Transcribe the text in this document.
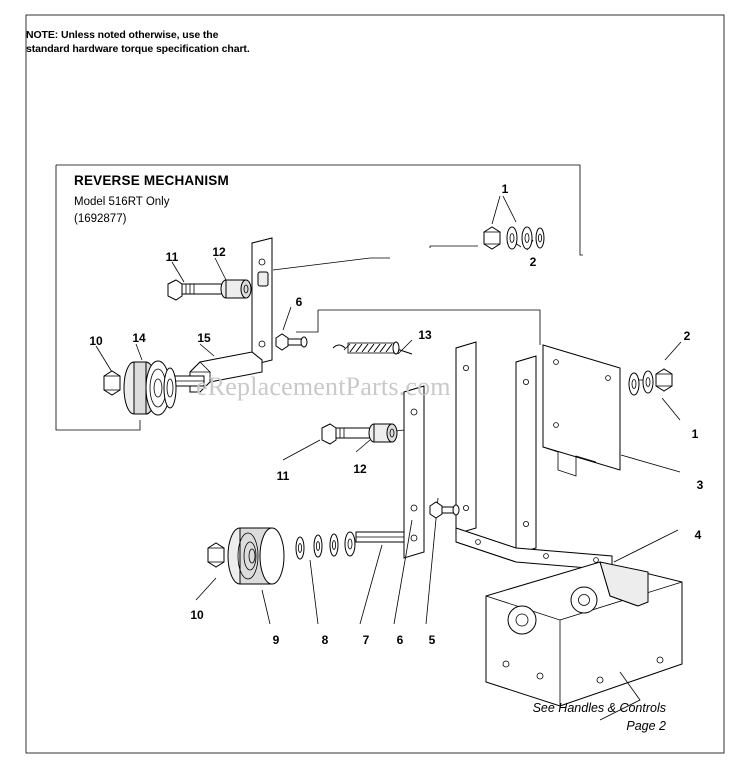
NOTE: Unless noted otherwise, use the standard hardware torque specification chart.
eReplacementParts.com
REVERSE MECHANISM
Model 516RT Only
(1692877)
1
2
11	12
6
2
10 14	15	13
1
11	12
3
4
10
9	8	7	6	5
See Handles & Controls
Page 2
